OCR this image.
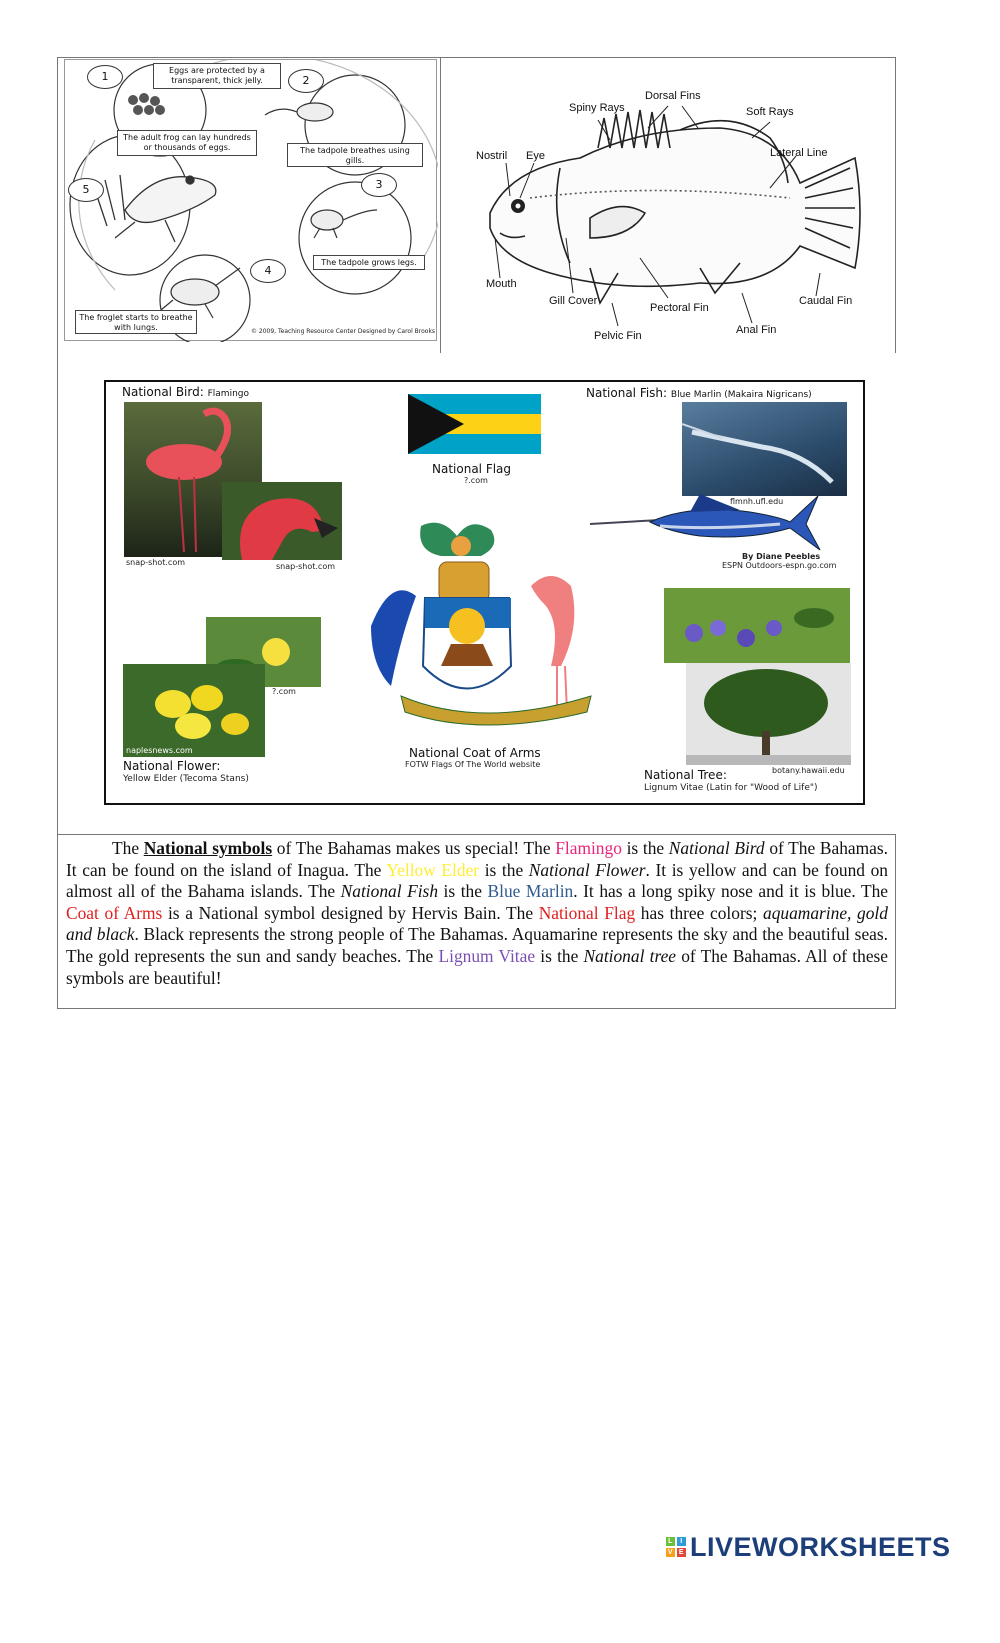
1	2
3
4
5
Eggs are protected by a transparent, thick jelly.
The adult frog can lay hundreds or thousands of eggs.	The tadpole breathes using gills.
The tadpole grows legs.
The froglet starts to breathe with lungs.	© 2009, Teaching Resource Center Designed by Carol Brooks
Dorsal Fins
Spiny Rays	Soft Rays
Nostril Eye	Lateral Line
Mouth
Gill Cover
Pectoral Fin
Caudal Fin
Anal Fin
Pelvic Fin
National Bird: Flamingo
snap-shot.com	snap-shot.com
National Flag
?.com
National Fish: Blue Marlin (Makaira Nigricans)
flmnh.ufl.edu
By Diane Peebles
ESPN Outdoors-espn.go.com
National Coat of Arms
FOTW Flags Of The World website
?.com
naplesnews.com
National Flower:
Yellow Elder (Tecoma Stans)
botany.hawaii.edu
National Tree:
Lignum Vitae (Latin for "Wood of Life")
The National symbols of The Bahamas makes us special! The Flamingo is the National Bird of The Bahamas. It can be found on the island of Inagua. The Yellow Elder is the National Flower. It is yellow and can be found on almost all of the Bahama islands. The National Fish is the Blue Marlin. It has a long spiky nose and it is blue. The Coat of Arms is a National symbol designed by Hervis Bain. The National Flag has three colors; aquamarine, gold and black. Black represents the strong people of The Bahamas. Aquamarine represents the sky and the beautiful seas. The gold represents the sun and sandy beaches. The Lignum Vitae is the National tree of The Bahamas. All of these symbols are beautiful!
L	I
V E LIVEWORKSHEETS
